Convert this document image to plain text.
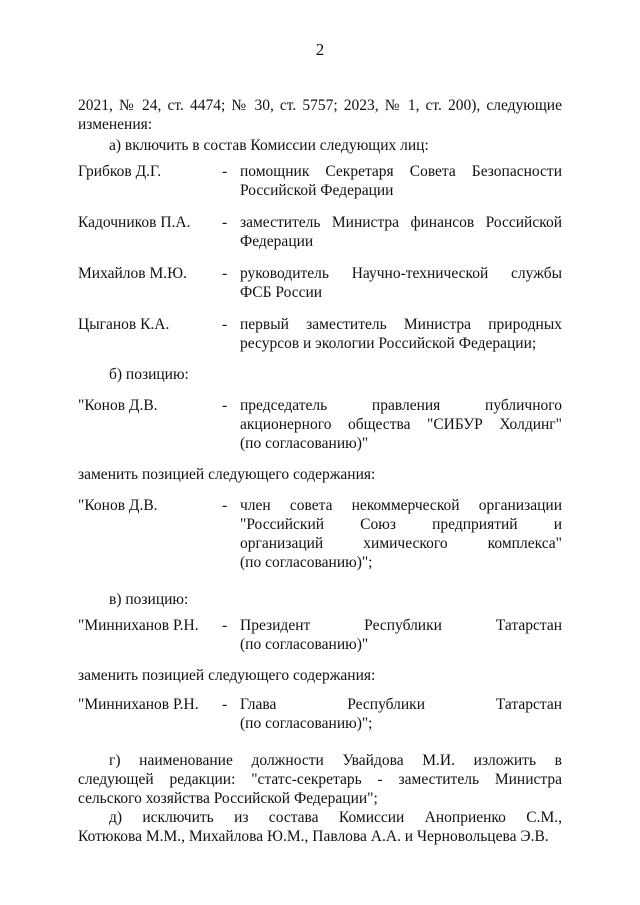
2
2021, № 24, ст. 4474; № 30, ст. 5757; 2023, № 1, ст. 200), следующие
изменения:
а) включить в состав Комиссии следующих лиц:
Грибков Д.Г.	- помощник Секретаря Совета Безопасности
Российской Федерации
Кадочников П.А.	- заместитель Министра финансов Российской
Федерации
Михайлов М.Ю.	- руководитель Научно-технической службы
ФСБ России
Цыганов К.А.	- первый заместитель Министра природных
ресурсов и экологии Российской Федерации;
б) позицию:
"Конов Д.В.	- председатель правления публичного
акционерного общества "СИБУР Холдинг"
(по согласованию)"
заменить позицией следующего содержания:
"Конов Д.В.	- член совета некоммерческой организации
"Российский Союз предприятий и
организаций химического комплекса"
(по согласованию)";
в) позицию:
"Минниханов Р.Н.	- Президент Республики Татарстан
(по согласованию)"
заменить позицией следующего содержания:
"Минниханов Р.Н.	- Глава Республики Татарстан
(по согласованию)";
г) наименование должности Увайдова М.И. изложить в
следующей редакции: "статс-секретарь - заместитель Министра
сельского хозяйства Российской Федерации";
д) исключить из состава Комиссии Аноприенко С.М.,
Котюкова М.М., Михайлова Ю.М., Павлова А.А. и Черновольцева Э.В.
